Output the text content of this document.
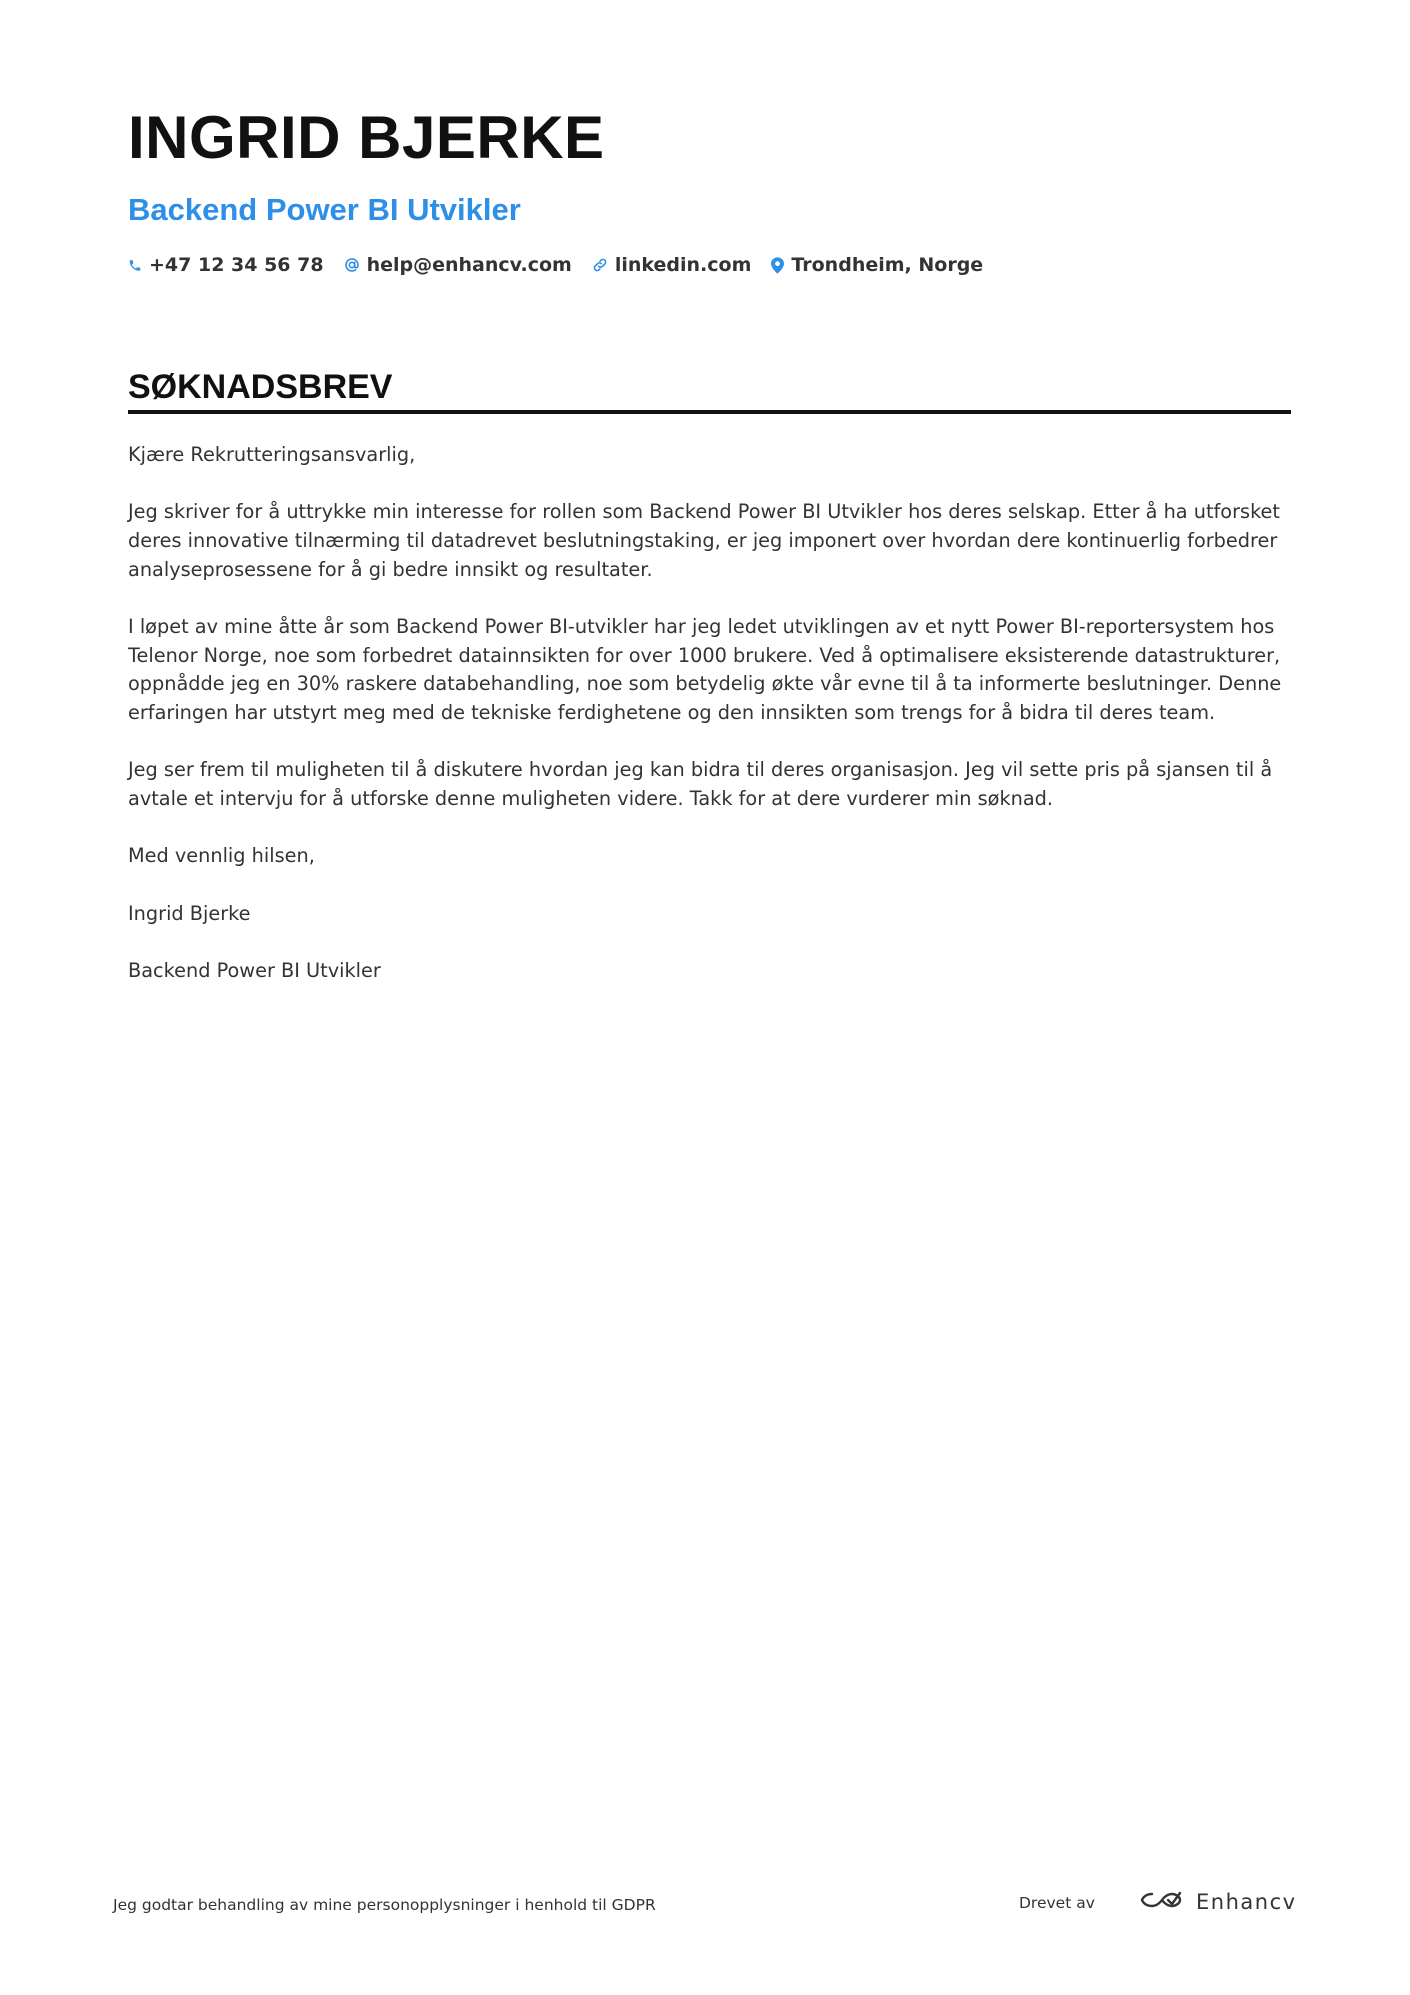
INGRID BJERKE
Backend Power BI Utvikler
+47 12 34 56 78 help@enhancv.com linkedin.com Trondheim, Norge
SØKNADSBREV

Kjære Rekrutteringsansvarlig,

Jeg skriver for å uttrykke min interesse for rollen som Backend Power BI Utvikler hos deres selskap. Etter å ha utforsket deres innovative tilnærming til datadrevet beslutningstaking, er jeg imponert over hvordan dere kontinuerlig forbedrer analyseprosessene for å gi bedre innsikt og resultater.

I løpet av mine åtte år som Backend Power BI-utvikler har jeg ledet utviklingen av et nytt Power BI-reportersystem hos Telenor Norge, noe som forbedret datainnsikten for over 1000 brukere. Ved å optimalisere eksisterende datastrukturer, oppnådde jeg en 30% raskere databehandling, noe som betydelig økte vår evne til å ta informerte beslutninger. Denne erfaringen har utstyrt meg med de tekniske ferdighetene og den innsikten som trengs for å bidra til deres team.

Jeg ser frem til muligheten til å diskutere hvordan jeg kan bidra til deres organisasjon. Jeg vil sette pris på sjansen til å avtale et intervju for å utforske denne muligheten videre. Takk for at dere vurderer min søknad.

Med vennlig hilsen,

Ingrid Bjerke

Backend Power BI Utvikler

Jeg godtar behandling av mine personopplysninger i henhold til GDPR	Drevet av	Enhancv
